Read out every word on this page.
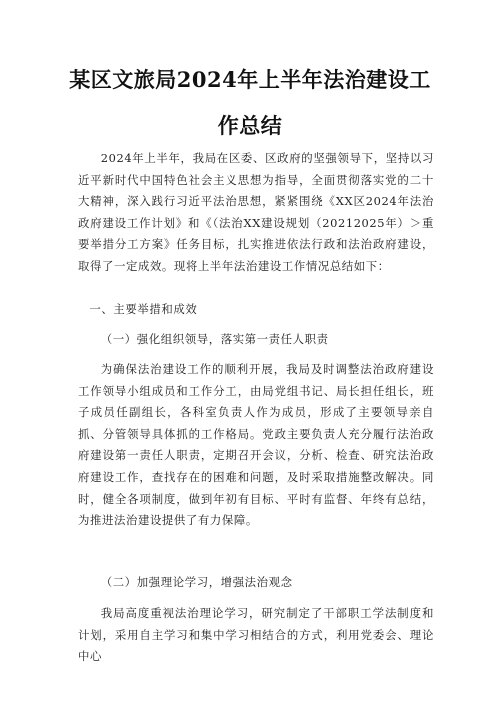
某区文旅局2024年上半年法治建设工
作总结

2024年上半年，我局在区委、区政府的坚强领导下，坚持以习近平新时代中国特色社会主义思想为指导，全面贯彻落实党的二十大精神，深入践行习近平法治思想，紧紧围绕《XX区2024年法治政府建设工作计划》和《（法治XX建设规划（20212025年）＞重要举措分工方案》任务目标，扎实推进依法行政和法治政府建设，取得了一定成效。现将上半年法治建设工作情况总结如下：

一、主要举措和成效

（一）强化组织领导，落实第一责任人职责

为确保法治建设工作的顺利开展，我局及时调整法治政府建设工作领导小组成员和工作分工，由局党组书记、局长担任组长，班子成员任副组长，各科室负责人作为成员，形成了主要领导亲自抓、分管领导具体抓的工作格局。党政主要负责人充分履行法治政府建设第一责任人职责，定期召开会议，分析、检查、研究法治政府建设工作，查找存在的困难和问题，及时采取措施整改解决。同时，健全各项制度，做到年初有目标、平时有监督、年终有总结，为推进法治建设提供了有力保障。

（二）加强理论学习，增强法治观念

我局高度重视法治理论学习，研究制定了干部职工学法制度和计划，采用自主学习和集中学习相结合的方式，利用党委会、理论中心
